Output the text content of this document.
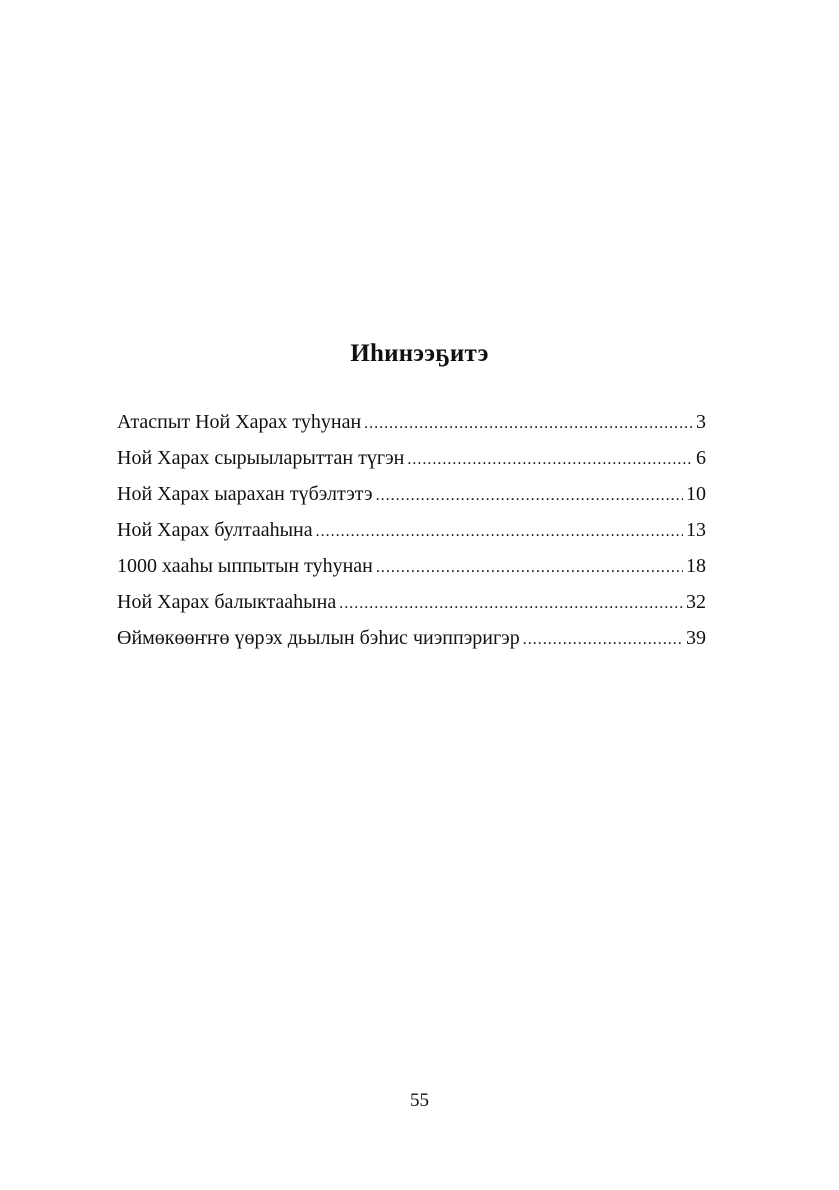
Иһинээҕитэ
Атаспыт Ной Харах туһунан .....	3
Ной Харах сырыыларыттан түгэн .....	6
Ной Харах ыарахан түбэлтэтэ .....	10
Ной Харах бултааһына .....	13
1000 хааһы ыппытын туһунан .....	18
Ной Харах балыктааһына .....	32
Өймөкөөҥҥө үөрэх дьылын бэһис чиэппэригэр .....	39
55
